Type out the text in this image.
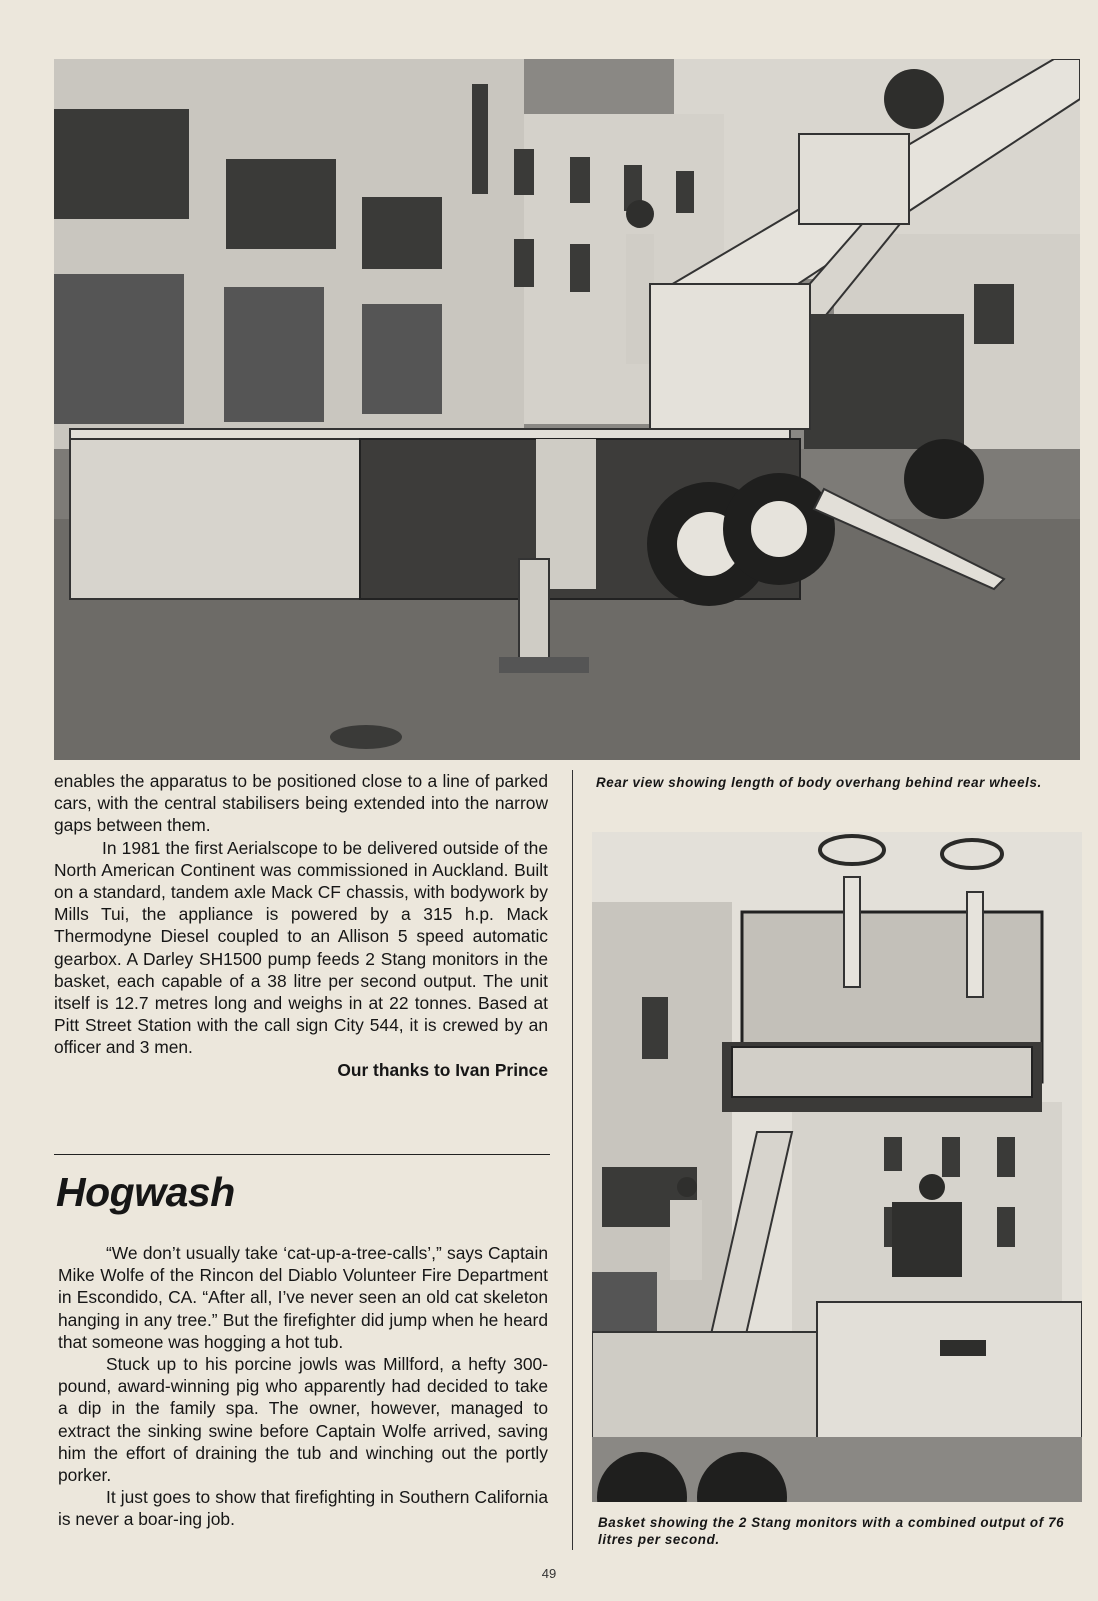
Rear view showing length of body overhang behind rear wheels.

enables the apparatus to be positioned close to a line of parked cars, with the central stabilisers being extended into the narrow gaps between them.

In 1981 the first Aerialscope to be delivered outside of the North American Continent was commissioned in Auckland. Built on a standard, tandem axle Mack CF chassis, with bodywork by Mills Tui, the appliance is powered by a 315 h.p. Mack Thermodyne Diesel coupled to an Allison 5 speed automatic gearbox. A Darley SH1500 pump feeds 2 Stang monitors in the basket, each capable of a 38 litre per second output. The unit itself is 12.7 metres long and weighs in at 22 tonnes. Based at Pitt Street Station with the call sign City 544, it is crewed by an officer and 3 men.

Our thanks to Ivan Prince

Hogwash

“We don’t usually take ‘cat-up-a-tree-calls’,” says Captain Mike Wolfe of the Rincon del Diablo Volunteer Fire Department in Escondido, CA. “After all, I’ve never seen an old cat skeleton hanging in any tree.” But the firefighter did jump when he heard that someone was hogging a hot tub.

Stuck up to his porcine jowls was Millford, a hefty 300-pound, award-winning pig who apparently had decided to take a dip in the family spa. The owner, however, managed to extract the sinking swine before Captain Wolfe arrived, saving him the effort of draining the tub and winching out the portly porker.

It just goes to show that firefighting in Southern California is never a boar-ing job.	Basket showing the 2 Stang monitors with a combined output of 76 litres per second.
49
